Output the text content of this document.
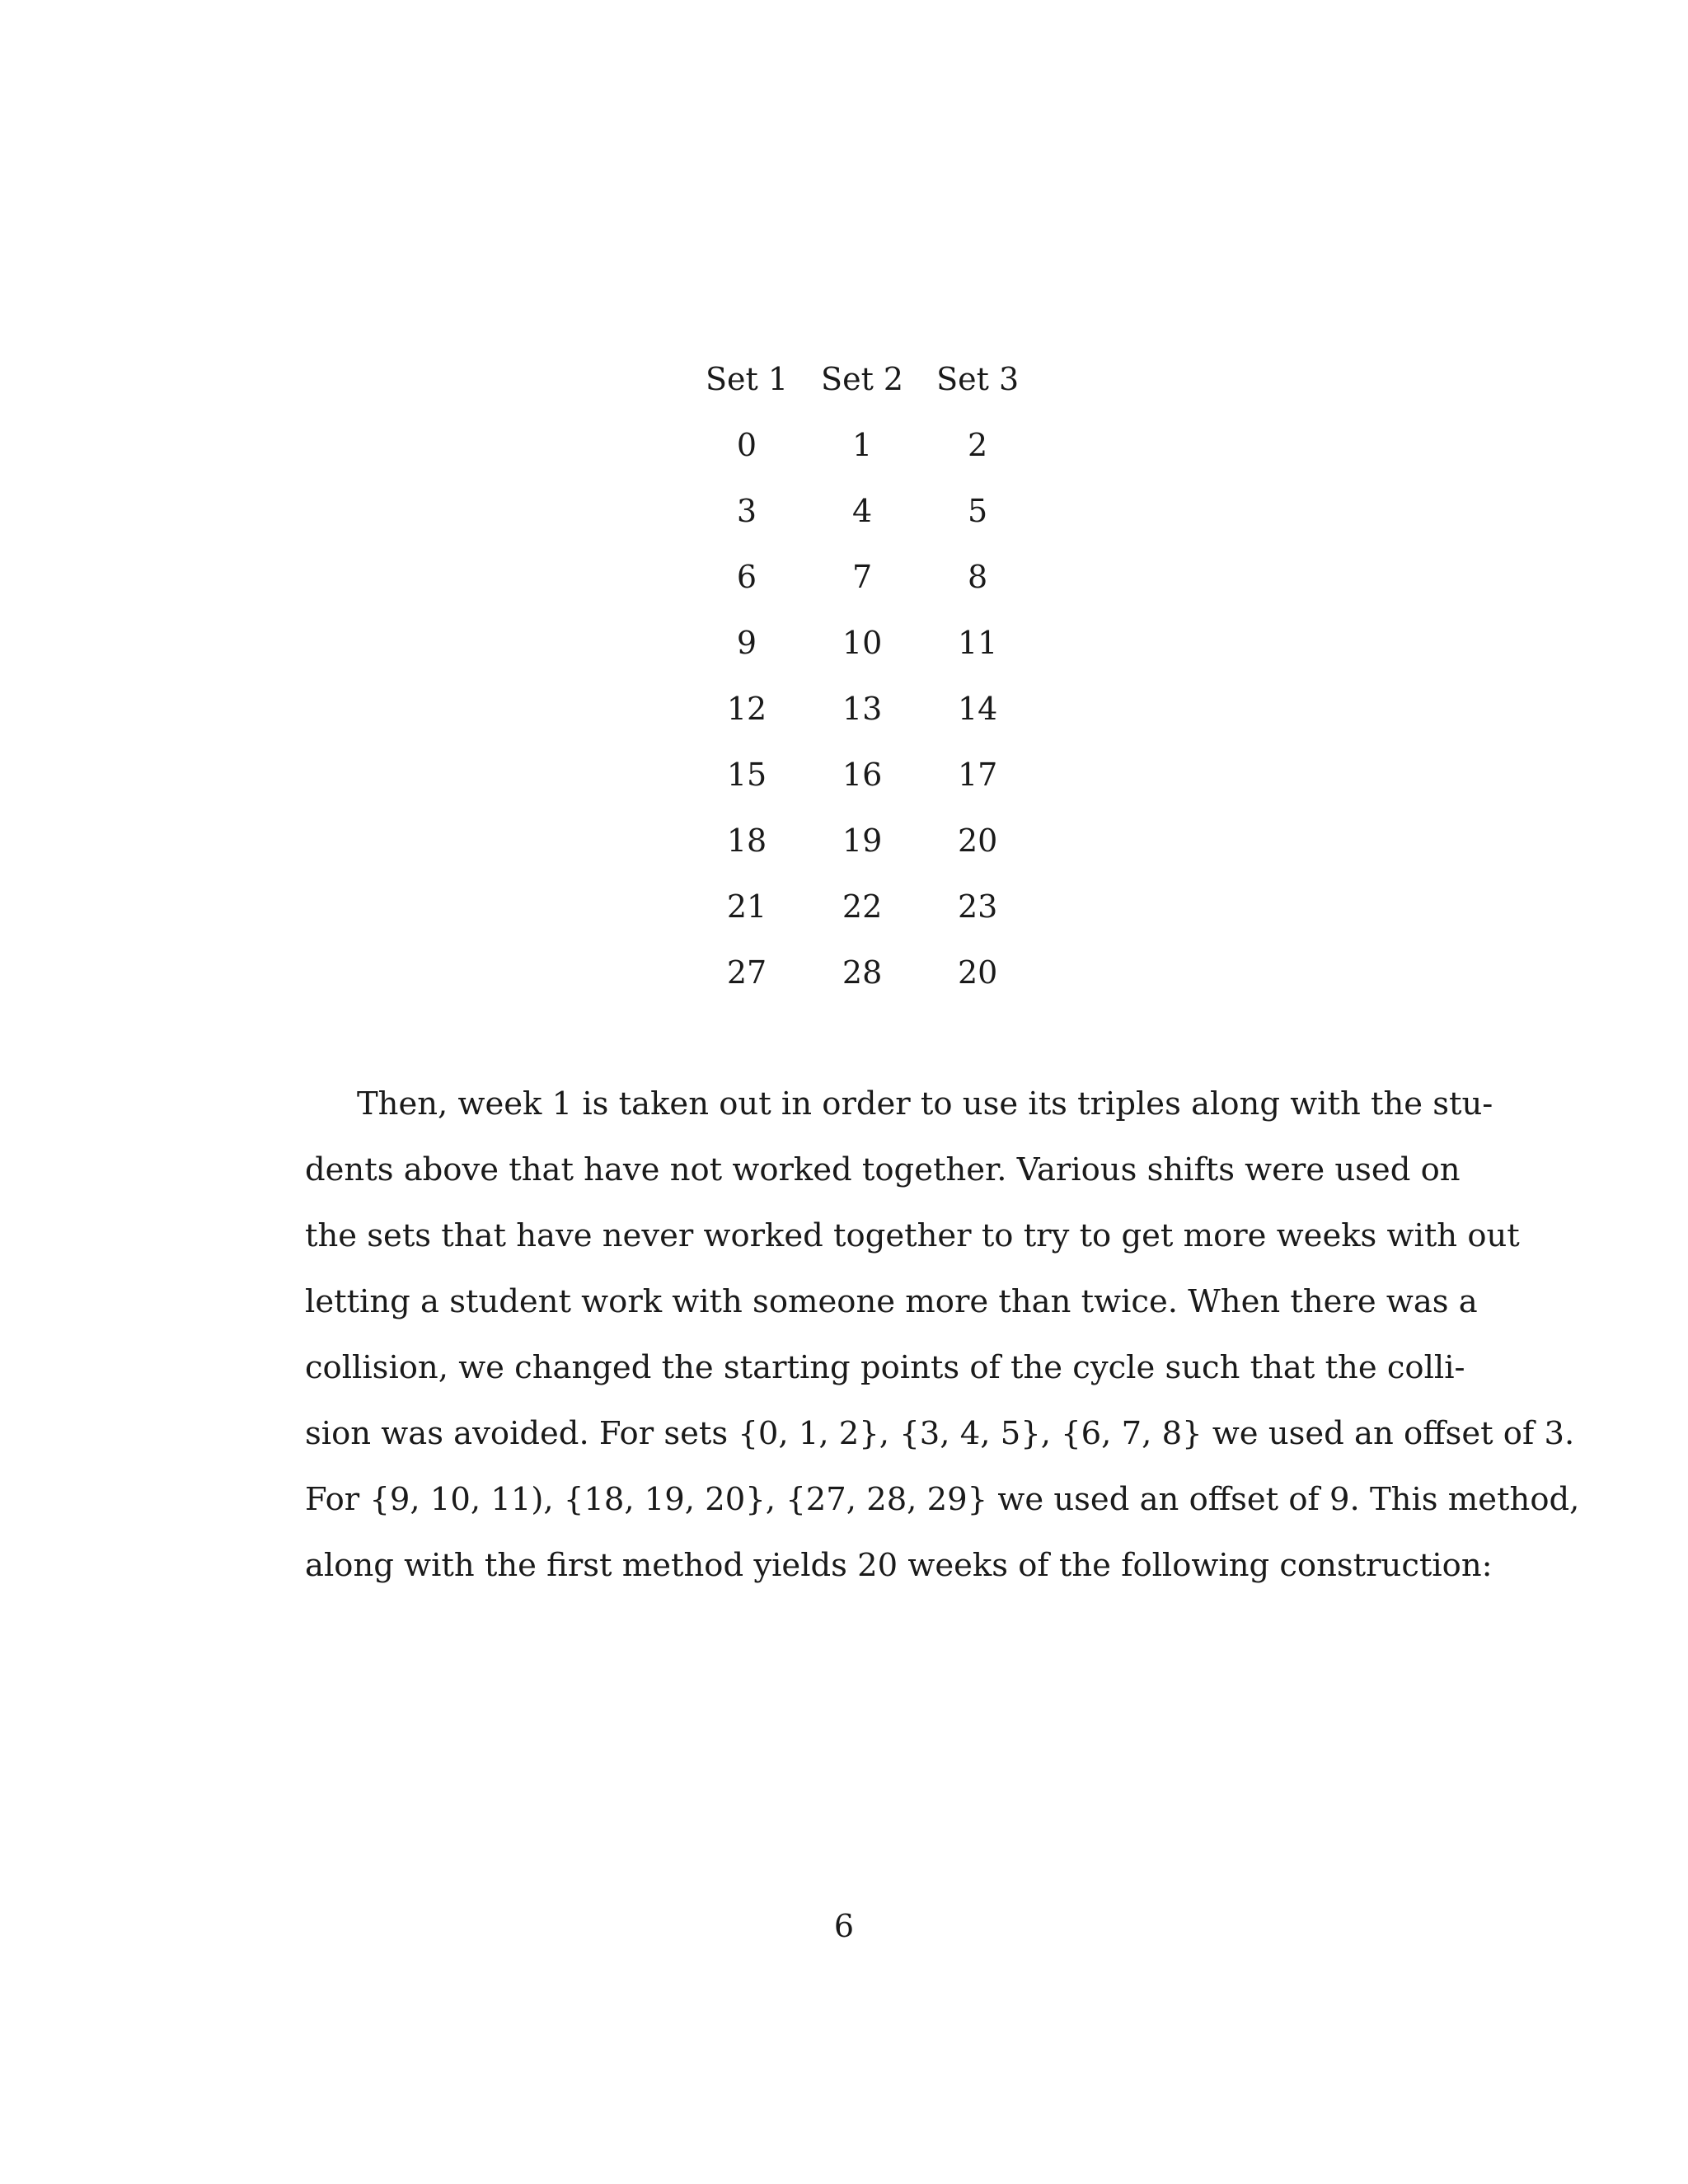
Set 1	Set 2	Set 3
0	1	2
3	4	5
6	7	8
9	10	11
12	13	14
15	16	17
18	19	20
21	22	23
27	28	20

Then, week 1 is taken out in order to use its triples along with the stu-
dents above that have not worked together. Various shifts were used on
the sets that have never worked together to try to get more weeks with out
letting a student work with someone more than twice. When there was a
collision, we changed the starting points of the cycle such that the colli-
sion was avoided. For sets {0, 1, 2}, {3, 4, 5}, {6, 7, 8} we used an offset of 3.
For {9, 10, 11), {18, 19, 20}, {27, 28, 29} we used an offset of 9. This method,
along with the first method yields 20 weeks of the following construction:

6
